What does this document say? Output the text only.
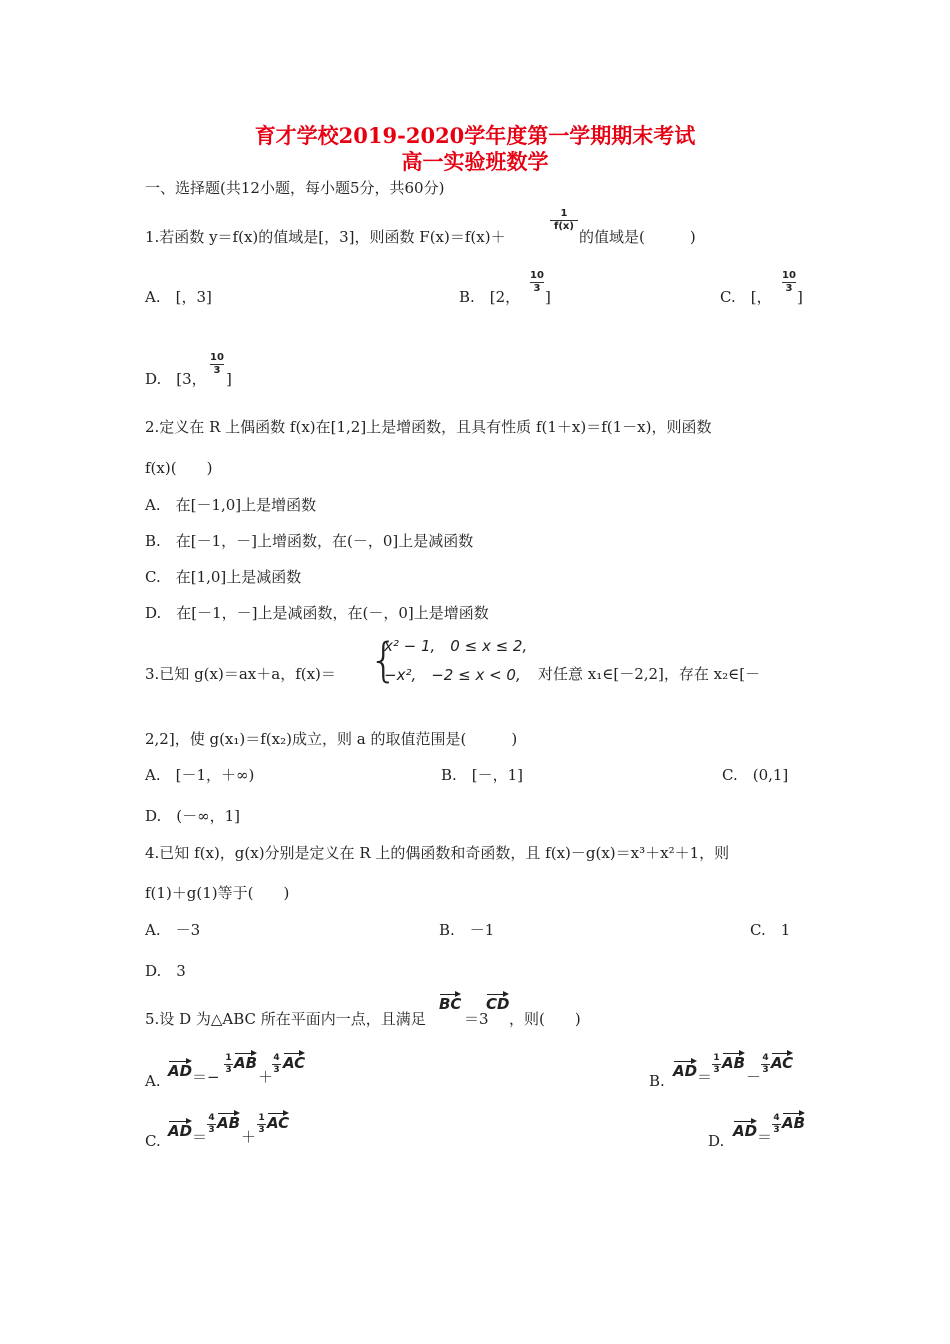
育才学校2019-2020学年度第一学期期末考试
高一实验班数学
一、选择题(共12小题，每小题5分，共60分)
1.若函数 y＝f(x)的值域是[，3]，则函数 F(x)＝f(x)＋
1
f(x)
的值域是(　　　)
A.　[，3]	B.　[2，
10
3 ]	C.　[，
10
3 ]
D.　[3，
10
3 ]
2.定义在 R 上偶函数 f(x)在[1,2]上是增函数，且具有性质 f(1＋x)＝f(1－x)，则函数
f(x)(　　)
A.　在[－1,0]上是增函数
B.　在[－1，－]上增函数，在(－，0]上是减函数
C.　在[1,0]上是减函数
D.　在[－1，－]上是减函数，在(－，0]上是增函数
3.已知 g(x)＝ax＋a，f(x)＝ {
x² − 1,　0 ≤ x ≤ 2,
−x²,　−2 ≤ x < 0, 对任意 x₁∈[－2,2]，存在 x₂∈[－
2,2]，使 g(x₁)＝f(x₂)成立，则 a 的取值范围是(　　　)
A.　[－1，＋∞)	B.　[－，1]	C.　(0,1]
D.　(－∞，1]
4.已知 f(x)，g(x)分别是定义在 R 上的偶函数和奇函数，且 f(x)－g(x)＝x³＋x²＋1，则
f(1)＋g(1)等于(　　)
A.　－3	B.　－1	C.　1
D.　3
5.设 D 为△ABC 所在平面内一点，且满足
BC
＝3
CD
，则(　　)
A.
AD ＝−
1
3 AB
＋
4
3 AC
B.
AD ＝
1
3 AB
－
4
3 AC
C.
AD ＝
4
3 AB
＋
1
3 AC
D.
AD ＝
4
3 AB
